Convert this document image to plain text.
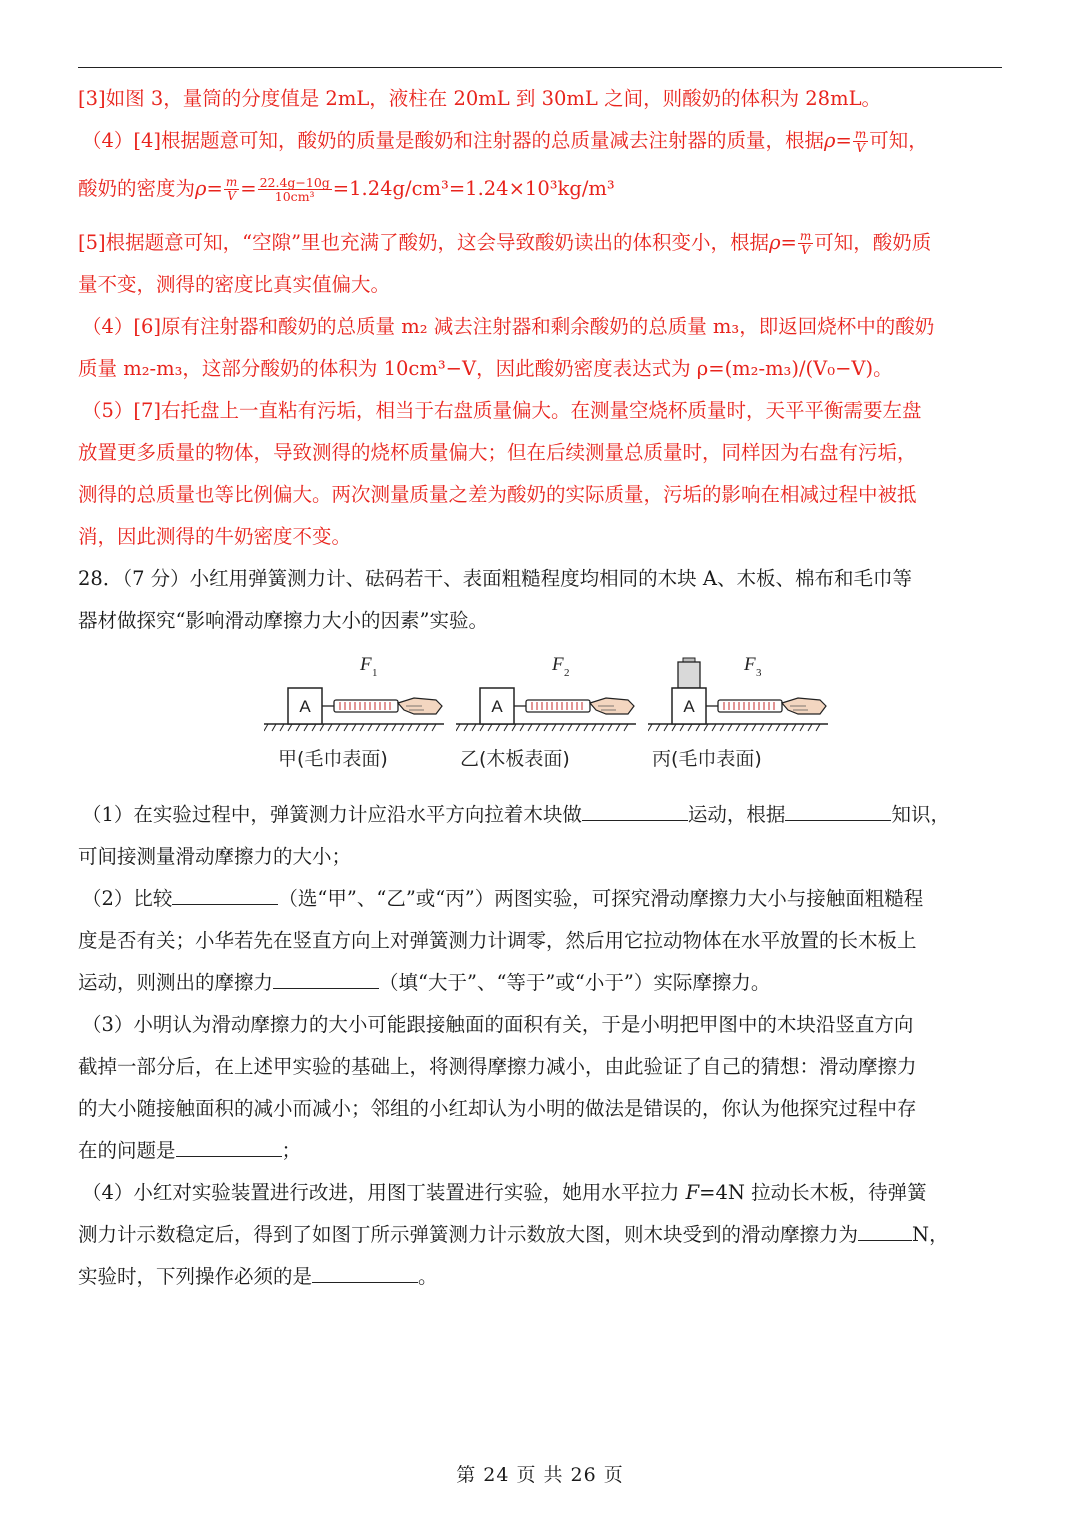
[3]如图 3，量筒的分度值是 2mL，液柱在 20mL 到 30mL 之间，则酸奶的体积为 28mL。

（4）[4]根据题意可知，酸奶的质量是酸奶和注射器的总质量减去注射器的质量，根据$\rho= \frac{m}{V}$ 可知，

酸奶的密度为$\rho= \frac{m}{V} = \frac{22.4g-10g}{\text{10cm³}} =1.24g/cm^3=1.24\times 10^3kg/m^3$

[5]根据题意可知，“空隙”里也充满了酸奶，这会导致酸奶读出的体积变小，根据$\rho= \frac{m}{V}$ 可知，酸奶质

量不变，测得的密度比真实值偏大。

（4）[6]原有注射器和酸奶的总质量 m₂ 减去注射器和剩余酸奶的总质量 m₃，即返回烧杯中的酸奶

质量 m₂-m₃，这部分酸奶的体积为 10cm³−V，因此酸奶密度表达式为 ρ=(m₂-m₃)/(V₀−V)。

（5）[7]右托盘上一直粘有污垢，相当于右盘质量偏大。在测量空烧杯质量时，天平平衡需要左盘

放置更多质量的物体，导致测得的烧杯质量偏大；但在后续测量总质量时，同样因为右盘有污垢，

测得的总质量也等比例偏大。两次测量质量之差为酸奶的实际质量，污垢的影响在相减过程中被抵

消，因此测得的牛奶密度不变。

28．（7 分）小红用弹簧测力计、砝码若干、表面粗糙程度均相同的木块 A、木板、棉布和毛巾等

器材做探究“影响滑动摩擦力大小的因素”实验。

A
F 1
甲(毛巾表面)
A
F 2
乙(木板表面)
A
F 3
丙(毛巾表面)

（1）在实验过程中，弹簧测力计应沿水平方向拉着木块做	运动，根据	知识，

可间接测量滑动摩擦力的大小；

（2）比较	（选“甲”、“乙”或“丙”）两图实验，可探究滑动摩擦力大小与接触面粗糙程

度是否有关；小华若先在竖直方向上对弹簧测力计调零，然后用它拉动物体在水平放置的长木板上

运动，则测出的摩擦力	（填“大于”、“等于”或“小于”）实际摩擦力。

（3）小明认为滑动摩擦力的大小可能跟接触面的面积有关，于是小明把甲图中的木块沿竖直方向

截掉一部分后，在上述甲实验的基础上，将测得摩擦力减小，由此验证了自己的猜想：滑动摩擦力

的大小随接触面积的减小而减小；邻组的小红却认为小明的做法是错误的，你认为他探究过程中存

在的问题是	；

（4）小红对实验装置进行改进，用图丁装置进行实验，她用水平拉力 F=4N 拉动长木板，待弹簧

测力计示数稳定后，得到了如图丁所示弹簧测力计示数放大图，则木块受到的滑动摩擦力为	N，

实验时，下列操作必须的是	。

第 24 页 共 26 页
